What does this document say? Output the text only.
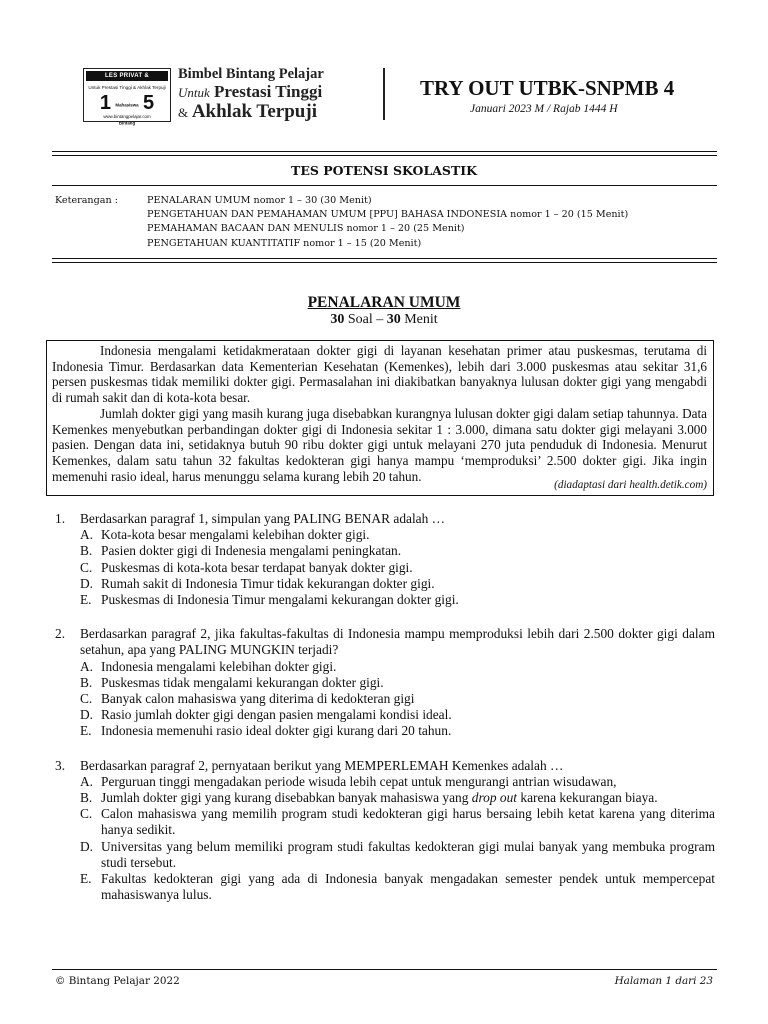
LES PRIVAT &
Untuk Prestasi Tinggi & Akhlak Terpuji
1 Mahasiswa 5 Bintang
www.bintangpelajar.com
Bimbel Bintang Pelajar
Untuk Prestasi Tinggi
& Akhlak Terpuji
TRY OUT UTBK-SNPMB 4
Januari 2023 M / Rajab 1444 H
TES POTENSI SKOLASTIK
Keterangan :	PENALARAN UMUM nomor 1 – 30 (30 Menit)
PENGETAHUAN DAN PEMAHAMAN UMUM [PPU] BAHASA INDONESIA nomor 1 – 20 (15 Menit)
PEMAHAMAN BACAAN DAN MENULIS nomor 1 – 20 (25 Menit)
PENGETAHUAN KUANTITATIF nomor 1 – 15 (20 Menit)
PENALARAN UMUM
30 Soal – 30 Menit

Indonesia mengalami ketidakmerataan dokter gigi di layanan kesehatan primer atau puskesmas, terutama di Indonesia Timur. Berdasarkan data Kementerian Kesehatan (Kemenkes), lebih dari 3.000 puskesmas atau sekitar 31,6 persen puskesmas tidak memiliki dokter gigi. Permasalahan ini diakibatkan banyaknya lulusan dokter gigi yang mengabdi di rumah sakit dan di kota-kota besar.

Jumlah dokter gigi yang masih kurang juga disebabkan kurangnya lulusan dokter gigi dalam setiap tahunnya. Data Kemenkes menyebutkan perbandingan dokter gigi di Indonesia sekitar 1 : 3.000, dimana satu dokter gigi melayani 3.000 pasien. Dengan data ini, setidaknya butuh 90 ribu dokter gigi untuk melayani 270 juta penduduk di Indonesia. Menurut Kemenkes, dalam satu tahun 32 fakultas kedokteran gigi hanya mampu ‘memproduksi’ 2.500 dokter gigi. Jika ingin memenuhi rasio ideal, harus menunggu selama kurang lebih 20 tahun.

(diadaptasi dari health.detik.com)
1. Berdasarkan paragraf 1, simpulan yang PALING BENAR adalah …
A. Kota-kota besar mengalami kelebihan dokter gigi.
B. Pasien dokter gigi di Indenesia mengalami peningkatan.
C. Puskesmas di kota-kota besar terdapat banyak dokter gigi.
D. Rumah sakit di Indonesia Timur tidak kekurangan dokter gigi.
E. Puskesmas di Indonesia Timur mengalami kekurangan dokter gigi.
2. Berdasarkan paragraf 2, jika fakultas-fakultas di Indonesia mampu memproduksi lebih dari 2.500 dokter gigi dalam setahun, apa yang PALING MUNGKIN terjadi?
A. Indonesia mengalami kelebihan dokter gigi.
B. Puskesmas tidak mengalami kekurangan dokter gigi.
C. Banyak calon mahasiswa yang diterima di kedokteran gigi
D. Rasio jumlah dokter gigi dengan pasien mengalami kondisi ideal.
E. Indonesia memenuhi rasio ideal dokter gigi kurang dari 20 tahun.
3. Berdasarkan paragraf 2, pernyataan berikut yang MEMPERLEMAH Kemenkes adalah …
A. Perguruan tinggi mengadakan periode wisuda lebih cepat untuk mengurangi antrian wisudawan,
B. Jumlah dokter gigi yang kurang disebabkan banyak mahasiswa yang drop out karena kekurangan biaya.
C. Calon mahasiswa yang memilih program studi kedokteran gigi harus bersaing lebih ketat karena yang diterima hanya sedikit.
D. Universitas yang belum memiliki program studi fakultas kedokteran gigi mulai banyak yang membuka program studi tersebut.
E. Fakultas kedokteran gigi yang ada di Indonesia banyak mengadakan semester pendek untuk mempercepat mahasiswanya lulus.
© Bintang Pelajar 2022	Halaman 1 dari 23
